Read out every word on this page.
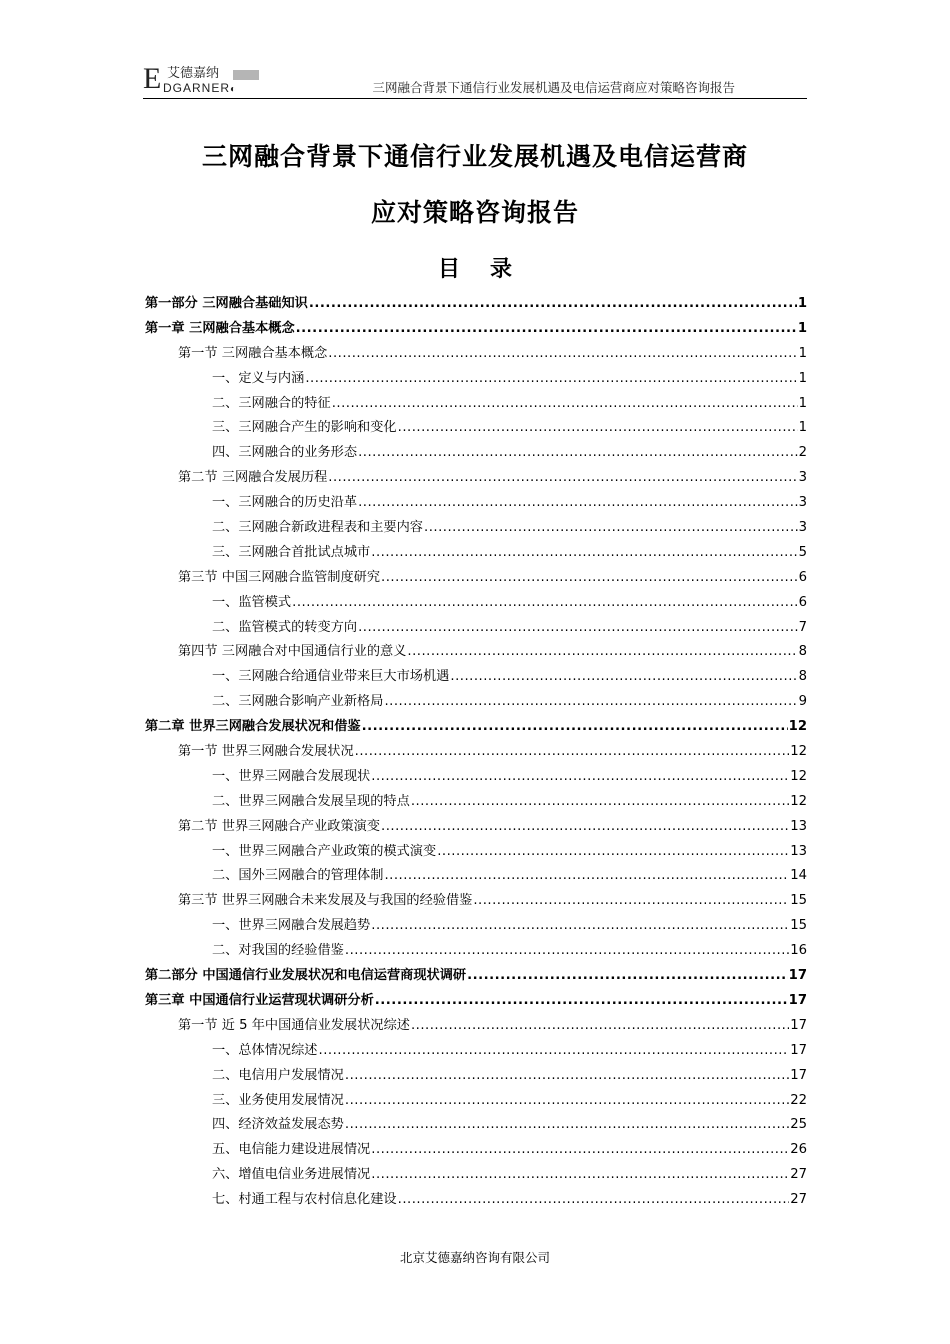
E 艾德嘉纳
DGARNER◐	三网融合背景下通信行业发展机遇及电信运营商应对策略咨询报告
三网融合背景下通信行业发展机遇及电信运营商
应对策略咨询报告
目录
第一部分 三网融合基础知识 .....	1
第一章 三网融合基本概念 .....	1
第一节 三网融合基本概念 .....	1
一、定义与内涵 .....	1
二、三网融合的特征 .....	1
三、三网融合产生的影响和变化 .....	1
四、三网融合的业务形态 .....	2
第二节 三网融合发展历程 .....	3
一、三网融合的历史沿革 .....	3
二、三网融合新政进程表和主要内容 .....	3
三、三网融合首批试点城市 .....	5
第三节 中国三网融合监管制度研究 .....	6
一、监管模式 .....	6
二、监管模式的转变方向 .....	7
第四节 三网融合对中国通信行业的意义 .....	8
一、三网融合给通信业带来巨大市场机遇 .....	8
二、三网融合影响产业新格局 .....	9
第二章 世界三网融合发展状况和借鉴 .....	12
第一节 世界三网融合发展状况 .....	12
一、世界三网融合发展现状 .....	12
二、世界三网融合发展呈现的特点 .....	12
第二节 世界三网融合产业政策演变 .....	13
一、世界三网融合产业政策的模式演变 .....	13
二、国外三网融合的管理体制 .....	14
第三节 世界三网融合未来发展及与我国的经验借鉴 .....	15
一、世界三网融合发展趋势 .....	15
二、对我国的经验借鉴 .....	16
第二部分 中国通信行业发展状况和电信运营商现状调研 .....	17
第三章 中国通信行业运营现状调研分析 .....	17
第一节 近 5 年中国通信业发展状况综述 .....	17
一、总体情况综述 .....	17
二、电信用户发展情况 .....	17
三、业务使用发展情况 .....	22
四、经济效益发展态势 .....	25
五、电信能力建设进展情况 .....	26
六、增值电信业务进展情况 .....	27
七、村通工程与农村信息化建设 .....	27
北京艾德嘉纳咨询有限公司
